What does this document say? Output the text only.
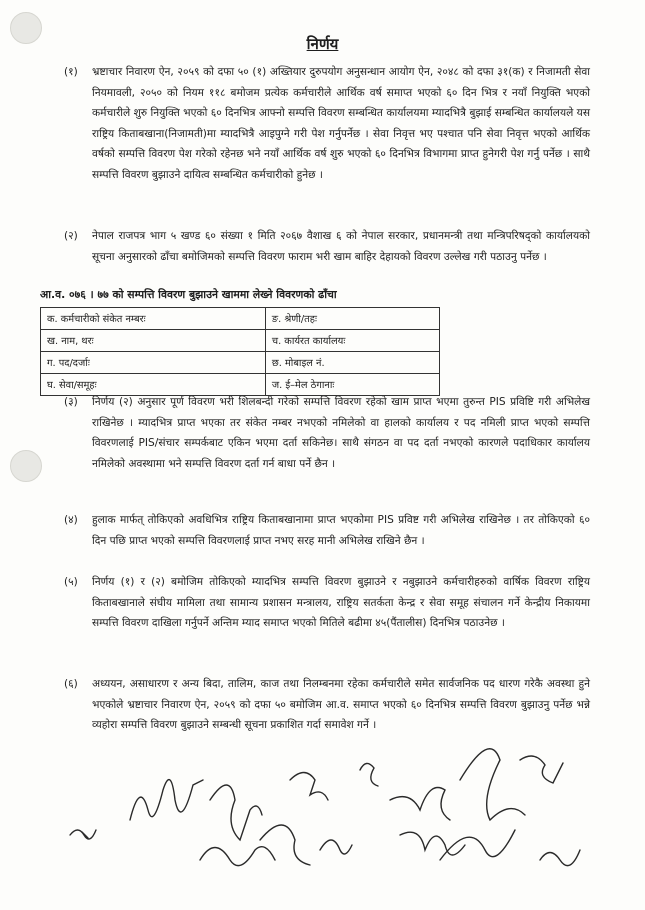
निर्णय

(१) भ्रष्टाचार निवारण ऐन, २०५९ को दफा ५० (१) अख्तियार दुरुपयोग अनुसन्धान आयोग ऐन, २०४८ को दफा ३१(क) र निजामती सेवा नियमावली, २०५० को नियम ११८ बमोजम प्रत्येक कर्मचारीले आर्थिक वर्ष समाप्त भएको ६० दिन भित्र र नयाँ नियुक्ति भएको कर्मचारीले शुरु नियुक्ति भएको ६० दिनभित्र आफ्नो सम्पत्ति विवरण सम्बन्धित कार्यालयमा म्यादभित्रै बुझाई सम्बन्धित कार्यालयले यस राष्ट्रिय किताबखाना(निजामती)मा म्यादभित्रै आइपुग्ने गरी पेश गर्नुपर्नेछ । सेवा निवृत्त भए पश्चात पनि सेवा निवृत्त भएको आर्थिक वर्षको सम्पत्ति विवरण पेश गरेको रहेनछ भने नयाँ आर्थिक वर्ष शुरु भएको ६० दिनभित्र विभागमा प्राप्त हुनेगरी पेश गर्नु पर्नेछ । साथै सम्पत्ति विवरण बुझाउने दायित्व सम्बन्धित कर्मचारीको हुनेछ ।

(२) नेपाल राजपत्र भाग ५ खण्ड ६० संख्या १ मिति २०६७ वैशाख ६ को नेपाल सरकार, प्रधानमन्त्री तथा मन्त्रिपरिषद्को कार्यालयको सूचना अनुसारको ढाँचा बमोजिमको सम्पत्ति विवरण फाराम भरी खाम बाहिर देहायको विवरण उल्लेख गरी पठाउनु पर्नेछ ।

(३) निर्णय (२) अनुसार पूर्ण विवरण भरी शिलबन्दी गरेको सम्पत्ति विवरण रहेको खाम प्राप्त भएमा तुरुन्त PIS प्रविष्टि गरी अभिलेख राखिनेछ । म्यादभित्र प्राप्त भएका तर संकेत नम्बर नभएको नमिलेको वा हालको कार्यालय र पद नमिली प्राप्त भएको सम्पत्ति विवरणलाई PIS/संचार सम्पर्कबाट एकिन भएमा दर्ता सकिनेछ। साथै संगठन वा पद दर्ता नभएको कारणले पदाधिकार कार्यालय नमिलेको अवस्थामा भने सम्पत्ति विवरण दर्ता गर्न बाधा पर्ने छैन ।

(४) हुलाक मार्फत् तोकिएको अवधिभित्र राष्ट्रिय किताबखानामा प्राप्त भएकोमा PIS प्रविष्ट गरी अभिलेख राखिनेछ । तर तोकिएको ६० दिन पछि प्राप्त भएको सम्पत्ति विवरणलाई प्राप्त नभए सरह मानी अभिलेख राखिने छैन ।

(५) निर्णय (१) र (२) बमोजिम तोकिएको म्यादभित्र सम्पत्ति विवरण बुझाउने र नबुझाउने कर्मचारीहरुको वार्षिक विवरण राष्ट्रिय किताबखानाले संघीय मामिला तथा सामान्य प्रशासन मन्त्रालय, राष्ट्रिय सतर्कता केन्द्र र सेवा समूह संचालन गर्ने केन्द्रीय निकायमा सम्पत्ति विवरण दाखिला गर्नुपर्ने अन्तिम म्याद समाप्त भएको मितिले बढीमा ४५(पैंतालीस) दिनभित्र पठाउनेछ ।

(६) अध्ययन, असाधारण र अन्य बिदा, तालिम, काज तथा निलम्बनमा रहेका कर्मचारीले समेत सार्वजनिक पद धारण गरेकै अवस्था हुने भएकोले भ्रष्टाचार निवारण ऐन, २०५९ को दफा ५० बमोजिम आ.व. समाप्त भएको ६० दिनभित्र सम्पत्ति विवरण बुझाउनु पर्नेछ भन्ने व्यहोरा सम्पत्ति विवरण बुझाउने सम्बन्धी सूचना प्रकाशित गर्दा समावेश गर्ने ।

आ.व. ०७६ । ७७ को सम्पत्ति विवरण बुझाउने खाममा लेख्ने विवरणको ढाँचा
क. कर्मचारीको संकेत नम्बरः	ङ. श्रेणी/तहः
ख. नाम, थरः	च. कार्यरत कार्यालयः
ग. पद/दर्जाः	छ. मोबाइल नं.
घ. सेवा/समूहः	ज. ई–मेल ठेगानाः
